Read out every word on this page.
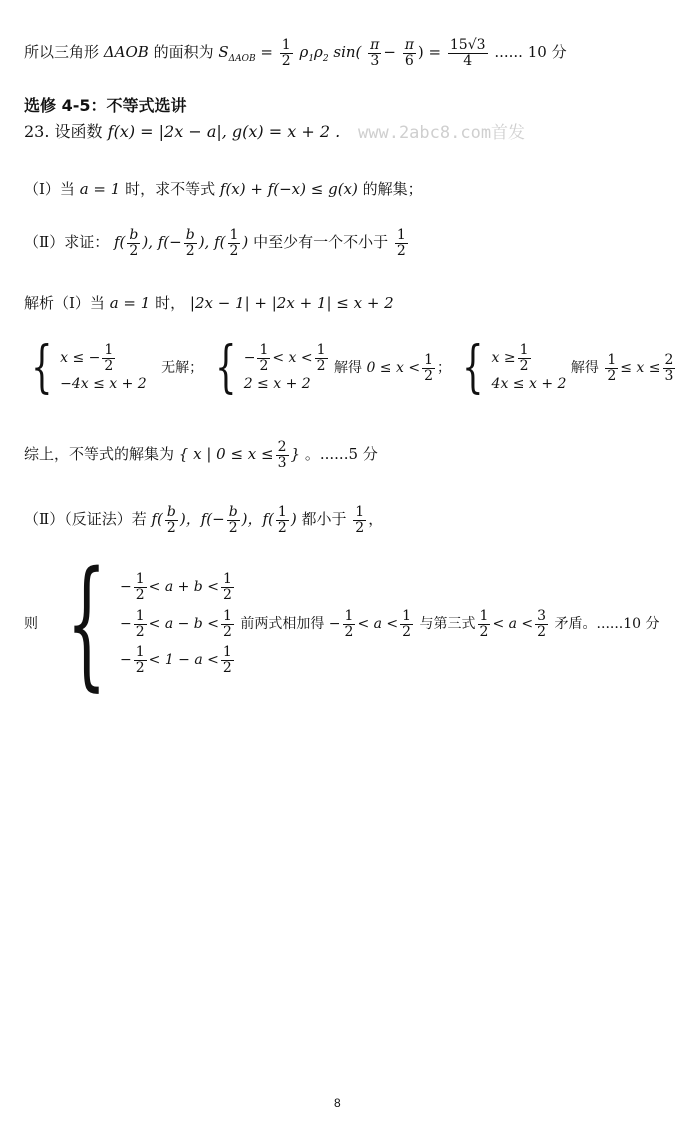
所以三角形 ΔAOB 的面积为 $S_{\Delta AOB} = \frac{1}{2} \rho_1\rho_2$ $\sin( \frac{\pi}{3} - \frac{\pi}{6}$ ) = $\frac{15√3}{4}$ ...... 10 分
选修 4-5：不等式选讲
23. 设函数 f(x) = |2x − a|, g(x) = x + 2 . www.2abc8.com首发
（Ⅰ）当 a = 1 时，求不等式 f(x) + f(−x) ≤ g(x) 的解集；
（Ⅱ）求证： $f( \frac{b}{2}$ ), $f(- \frac{b}{2}$ ), $f( \frac{1}{2}$ ) 中至少有一个不小于 $\frac{1}{2}$
解析（Ⅰ）当 a = 1 时， |2x − 1| + |2x + 1| ≤ x + 2
{ x ≤ − $\frac{1}{2}$
−4x ≤ x + 2
无解； { − $\frac{1}{2} < x < \frac{1}{2}$
2 ≤ x + 2
解得 $0 \le x < \frac{1}{2}$ ； { $x \ge \frac{1}{2}$
4x ≤ x + 2
解得 $\frac{1}{2} \le x \le \frac{2}{3}$
综上，不等式的解集为 { x | $0 \le x \le \frac{2}{3}$ } 。......5 分
（Ⅱ）（反证法）若 $f( \frac{b}{2}$ )，$f(- \frac{b}{2}$ )，$f( \frac{1}{2}$ ) 都小于 $\frac{1}{2}$ ，
则 { − $\frac{1}{2} < a + b < \frac{1}{2}$
− $\frac{1}{2} < a - b < \frac{1}{2}$ 前两式相加得 − $\frac{1}{2} < a < \frac{1}{2}$ 与第三式 $\frac{1}{2} < a < \frac{3}{2}$ 矛盾。......10 分
− $\frac{1}{2} < 1 - a < \frac{1}{2}$
8
